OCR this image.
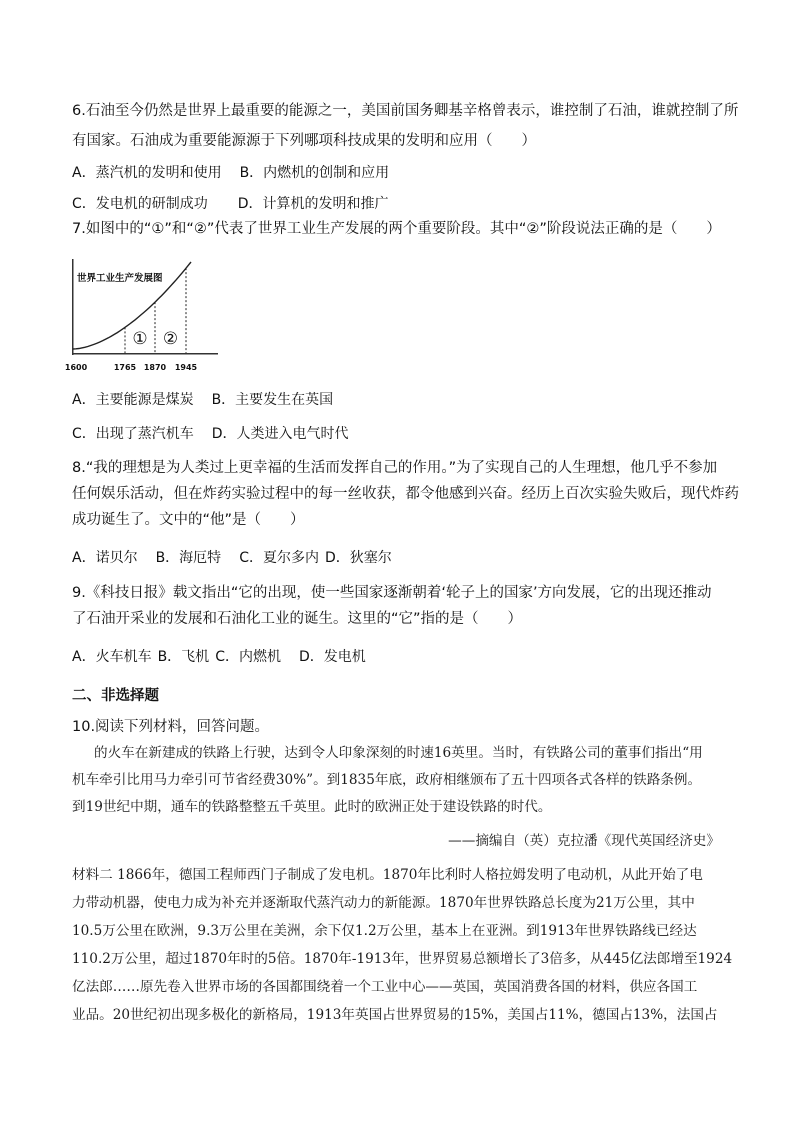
6.石油至今仍然是世界上最重要的能源之一，美国前国务卿基辛格曾表示，谁控制了石油，谁就控制了所
有国家。石油成为重要能源源于下列哪项科技成果的发明和应用（　　）
A．蒸汽机的发明和使用 B．内燃机的创制和应用
C．发电机的研制成功 D．计算机的发明和推广
7.如图中的“①”和“②”代表了世界工业生产发展的两个重要阶段。其中“②”阶段说法正确的是（　　）
世界工业生产发展图
① ②
1600	1765 1870 1945
A．主要能源是煤炭 B．主要发生在英国
C．出现了蒸汽机车 D．人类进入电气时代
8.“我的理想是为人类过上更幸福的生活而发挥自己的作用。”为了实现自己的人生理想，他几乎不参加
任何娱乐活动，但在炸药实验过程中的每一丝收获，都令他感到兴奋。经历上百次实验失败后，现代炸药
成功诞生了。文中的“他”是（　　）
A．诺贝尔 B．海厄特 C．夏尔多内 D．狄塞尔
9.《科技日报》载文指出“它的出现，使一些国家逐渐朝着‘轮子上的国家’方向发展，它的出现还推动
了石油开采业的发展和石油化工业的诞生。这里的“它”指的是（　　）
A．火车机车 B．飞机 C．内燃机 D．发电机
二、非选择题
10.阅读下列材料，回答问题。
的火车在新建成的铁路上行驶，达到令人印象深刻的时速16英里。当时，有铁路公司的董事们指出“用
机车牵引比用马力牵引可节省经费30%”。到1835年底，政府相继颁布了五十四项各式各样的铁路条例。
到19世纪中期，通车的铁路整整五千英里。此时的欧洲正处于建设铁路的时代。
——摘编自（英）克拉潘《现代英国经济史》
材料二 1866年，德国工程师西门子制成了发电机。1870年比利时人格拉姆发明了电动机，从此开始了电
力带动机器，使电力成为补充并逐渐取代蒸汽动力的新能源。1870年世界铁路总长度为21万公里，其中
10.5万公里在欧洲，9.3万公里在美洲，余下仅1.2万公里，基本上在亚洲。到1913年世界铁路线已经达
110.2万公里，超过1870年时的5倍。1870年-1913年，世界贸易总额增长了3倍多，从445亿法郎增至1924
亿法郎……原先卷入世界市场的各国都围绕着一个工业中心——英国，英国消费各国的材料，供应各国工
业品。20世纪初出现多极化的新格局，1913年英国占世界贸易的15%，美国占11%，德国占13%，法国占
